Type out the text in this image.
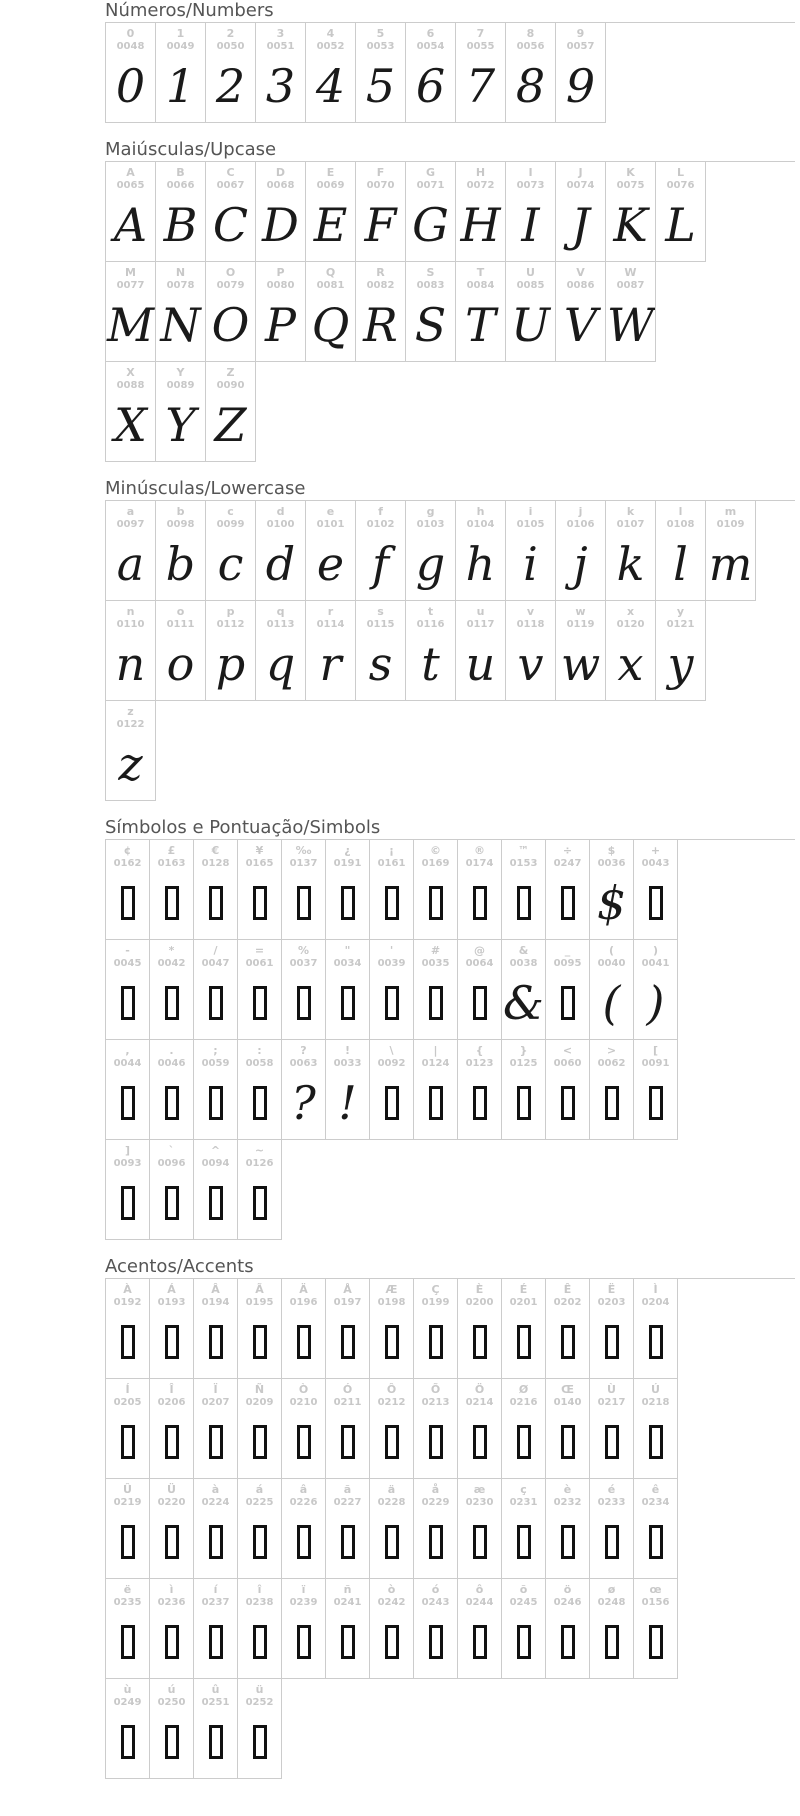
Números/Numbers
0
0048
0
1
0049
1
2
0050
2
3
0051
3
4
0052
4
5
0053
5
6
0054
6
7
0055
7
8
0056
8
9
0057
9
Maiúsculas/Upcase
A
0065
A
B
0066
B
C
0067
C
D
0068
D
E
0069
E
F
0070
F
G
0071
G
H
0072
H
I
0073
I
J
0074
J
K
0075
K
L
0076
L
M
0077
M
N
0078
N
O
0079
O
P
0080
P
Q
0081
Q
R
0082
R
S
0083
S
T
0084
T
U
0085
U
V
0086
V
W
0087
W
X
0088
X
Y
0089
Y
Z
0090
Z
Minúsculas/Lowercase
a
0097
a
b
0098
b
c
0099
c
d
0100
d
e
0101
e
f
0102
f
g
0103
g
h
0104
h
i
0105
i
j
0106
j
k
0107
k
l
0108
l
m
0109
m
n
0110
n
o
0111
o
p
0112
p
q
0113
q
r
0114
r
s
0115
s
t
0116
t
u
0117
u
v
0118
v
w
0119
w
x
0120
x
y
0121
y
z
0122
z
Símbolos e Pontuação/Simbols
¢
0162
£
0163
€
0128
¥
0165
‰
0137
¿
0191
¡
0161
©
0169
®
0174
™
0153
÷
0247
$
0036
$
+
0043
-
0045
*
0042
/
0047
=
0061
%
0037
"
0034
'
0039
#
0035
@
0064
&
0038
&
_
0095
(
0040
(
)
0041
)
,
0044
.
0046
;
0059
:
0058
?
0063
?
!
0033
!
\
0092
|
0124
{
0123
}
0125
<
0060
>
0062
[
0091
]
0093
`
0096
^
0094
~
0126
Acentos/Accents
À
0192
Á
0193
Â
0194
Ã
0195
Ä
0196
Å
0197
Æ
0198
Ç
0199
È
0200
É
0201
Ê
0202
Ë
0203
Ì
0204
Í
0205
Î
0206
Ï
0207
Ñ
0209
Ò
0210
Ó
0211
Ô
0212
Õ
0213
Ö
0214
Ø
0216
Œ
0140
Ù
0217
Ú
0218
Û
0219
Ü
0220
à
0224
á
0225
â
0226
ã
0227
ä
0228
å
0229
æ
0230
ç
0231
è
0232
é
0233
ê
0234
ë
0235
ì
0236
í
0237
î
0238
ï
0239
ñ
0241
ò
0242
ó
0243
ô
0244
õ
0245
ö
0246
ø
0248
œ
0156
ù
0249
ú
0250
û
0251
ü
0252
